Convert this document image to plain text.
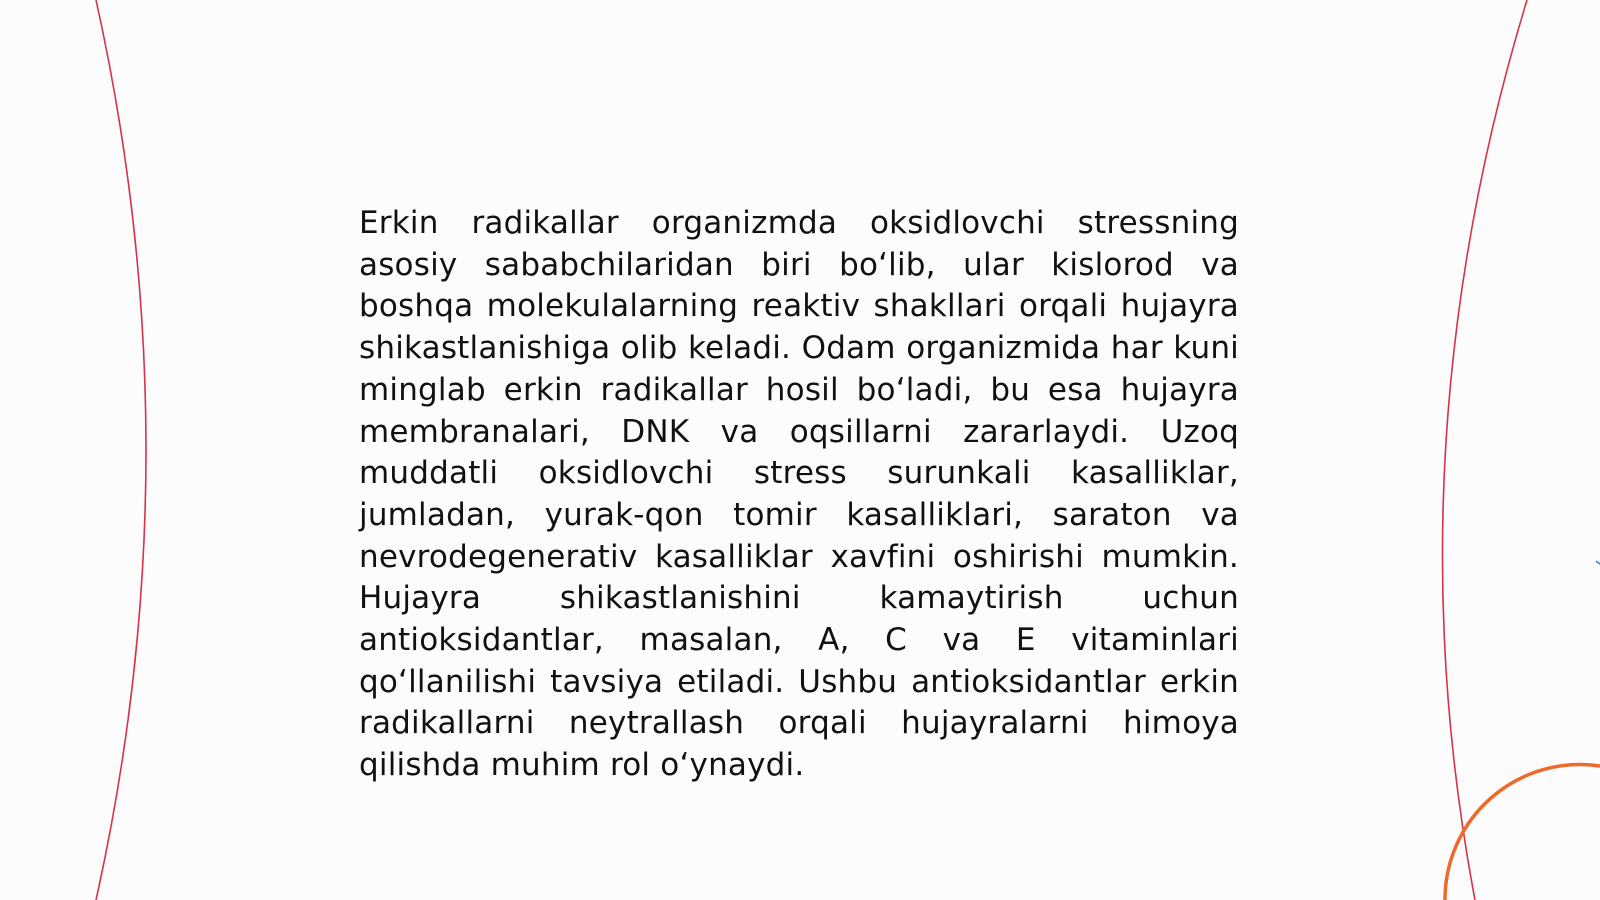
Erkin radikallar organizmda oksidlovchi stressning asosiy sababchilaridan biri bo‘lib, ular kislorod va boshqa molekulalarning reaktiv shakllari orqali hujayra shikastlanishiga olib keladi. Odam organizmida har kuni minglab erkin radikallar hosil bo‘ladi, bu esa hujayra membranalari, DNK va oqsillarni zararlaydi. Uzoq muddatli oksidlovchi stress surunkali kasalliklar, jumladan, yurak-qon tomir kasalliklari, saraton va nevrodegenerativ kasalliklar xavfini oshirishi mumkin. Hujayra shikastlanishini kamaytirish uchun antioksidantlar, masalan, A, C va E vitaminlari qo‘llanilishi tavsiya etiladi. Ushbu antioksidantlar erkin radikallarni neytrallash orqali hujayralarni himoya qilishda muhim rol o‘ynaydi.
